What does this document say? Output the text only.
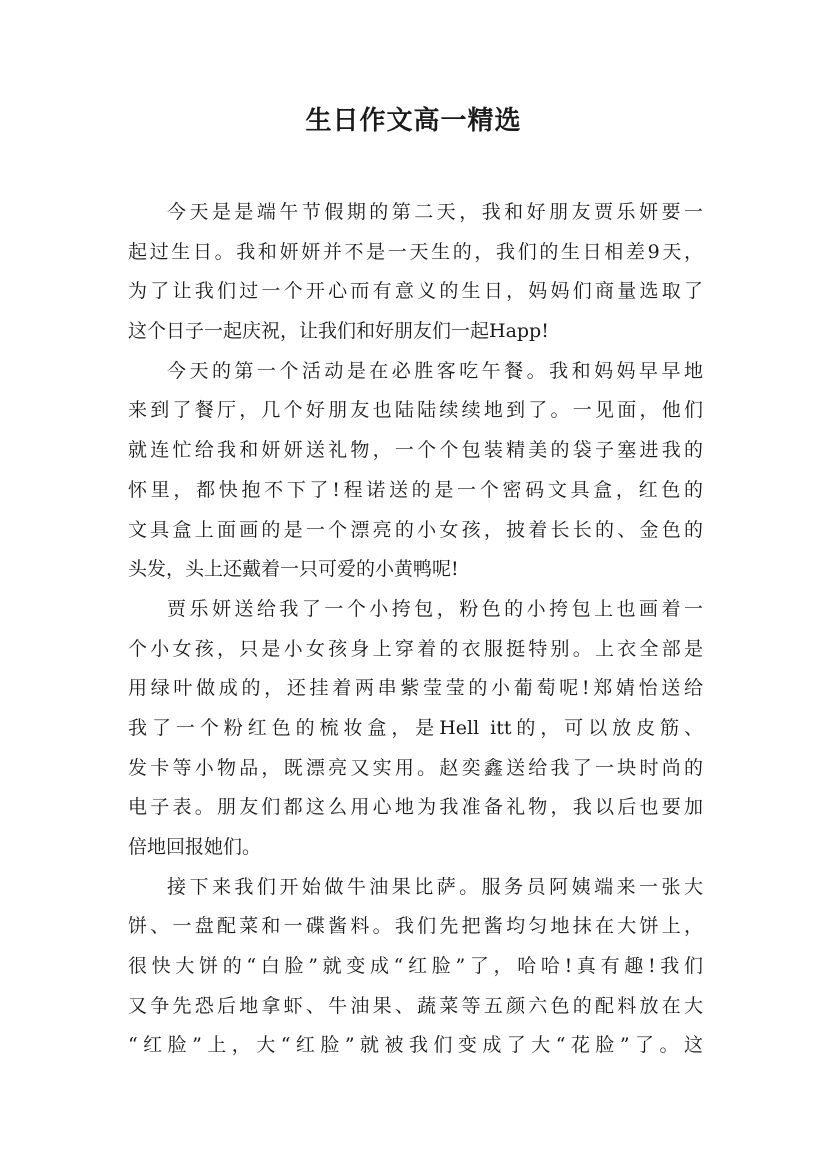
生日作文高一精选
今天是是端午节假期的第二天，我和好朋友贾乐妍要一
起过生日。我和妍妍并不是一天生的，我们的生日相差9天，
为了让我们过一个开心而有意义的生日，妈妈们商量选取了
这个日子一起庆祝，让我们和好朋友们一起Happ!
今天的第一个活动是在必胜客吃午餐。我和妈妈早早地
来到了餐厅，几个好朋友也陆陆续续地到了。一见面，他们
就连忙给我和妍妍送礼物，一个个包装精美的袋子塞进我的
怀里，都快抱不下了!程诺送的是一个密码文具盒，红色的
文具盒上面画的是一个漂亮的小女孩，披着长长的、金色的
头发，头上还戴着一只可爱的小黄鸭呢!
贾乐妍送给我了一个小挎包，粉色的小挎包上也画着一
个小女孩，只是小女孩身上穿着的衣服挺特别。上衣全部是
用绿叶做成的，还挂着两串紫莹莹的小葡萄呢!郑婧怡送给
我了一个粉红色的梳妆盒，是Hell itt的，可以放皮筋、
发卡等小物品，既漂亮又实用。赵奕鑫送给我了一块时尚的
电子表。朋友们都这么用心地为我准备礼物，我以后也要加
倍地回报她们。
接下来我们开始做牛油果比萨。服务员阿姨端来一张大
饼、一盘配菜和一碟酱料。我们先把酱均匀地抹在大饼上，
很快大饼的“白脸”就变成“红脸”了，哈哈!真有趣!我们
又争先恐后地拿虾、牛油果、蔬菜等五颜六色的配料放在大
“红脸”上，大“红脸”就被我们变成了大“花脸”了。这
